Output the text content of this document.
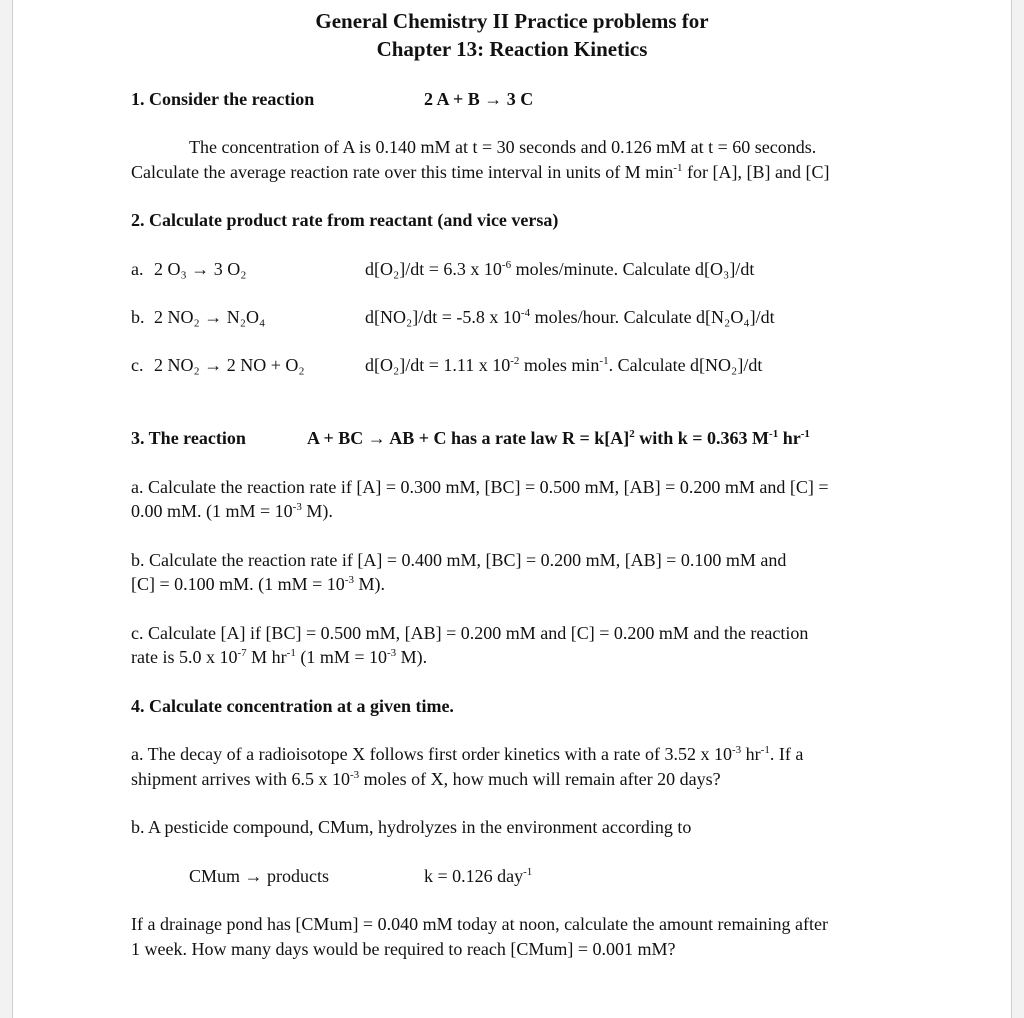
General Chemistry II Practice problems for
Chapter 13: Reaction Kinetics
1. Consider the reaction	2 A + B → 3 C
The concentration of A is 0.140 mM at t = 30 seconds and 0.126 mM at t = 60 seconds.
Calculate the average reaction rate over this time interval in units of M $\min^{-1}$ for [A], [B] and [C]
2. Calculate product rate from reactant (and vice versa)
a. 2 O₃ → 3 O₂	d[O₂]/dt = 6.3 x $10^{-6}$ moles/minute. Calculate d[O₃]/dt
b. 2 NO₂ → N₂O₄	d[NO₂]/dt = -5.8 x $10^{-4}$ moles/hour. Calculate d[N₂O₄]/dt
c. 2 NO₂ → 2 NO + O₂	d[O₂]/dt = 1.11 x $10^{-2}$ moles $\min^{-1}$. Calculate d[NO₂]/dt
3. The reaction	A + BC → AB + C has a rate law $R = k[A]^2$ with k = 0.363 $M^{-1}$ $hr^{-1}$
a. Calculate the reaction rate if [A] = 0.300 mM, [BC] = 0.500 mM, [AB] = 0.200 mM and [C] =
0.00 mM. (1 mM = $10^{-3}$ M).
b. Calculate the reaction rate if [A] = 0.400 mM, [BC] = 0.200 mM, [AB] = 0.100 mM and
[C] = 0.100 mM. (1 mM = $10^{-3}$ M).
c. Calculate [A] if [BC] = 0.500 mM, [AB] = 0.200 mM and [C] = 0.200 mM and the reaction
rate is 5.0 x $10^{-7}$ M $hr^{-1}$ (1 mM = $10^{-3}$ M).
4. Calculate concentration at a given time.
a. The decay of a radioisotope X follows first order kinetics with a rate of 3.52 x $10^{-3}$ $hr^{-1}$. If a
shipment arrives with 6.5 x $10^{-3}$ moles of X, how much will remain after 20 days?
b. A pesticide compound, CMum, hydrolyzes in the environment according to
CMum → products	k = 0.126 day$^{-1}$
If a drainage pond has [CMum] = 0.040 mM today at noon, calculate the amount remaining after
1 week. How many days would be required to reach [CMum] = 0.001 mM?
